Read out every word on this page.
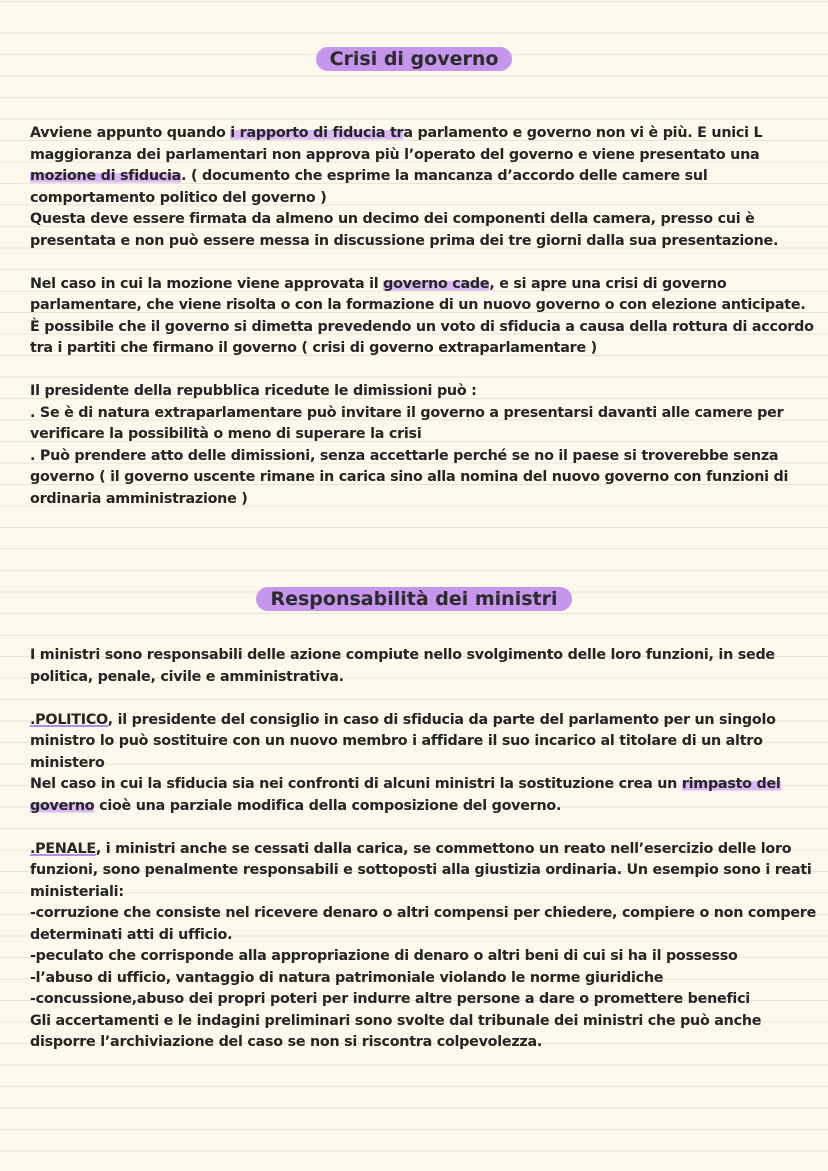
Crisi di governo

Avviene appunto quando i rapporto di fiducia tra parlamento e governo non vi è più. E unici L maggioranza dei parlamentari non approva più l’operato del governo e viene presentato una mozione di sfiducia. ( documento che esprime la mancanza d’accordo delle camere sul comportamento politico del governo )

Questa deve essere firmata da almeno un decimo dei componenti della camera, presso cui è presentata e non può essere messa in discussione prima dei tre giorni dalla sua presentazione.

Nel caso in cui la mozione viene approvata il governo cade, e si apre una crisi di governo parlamentare, che viene risolta o con la formazione di un nuovo governo o con elezione anticipate.

È possibile che il governo si dimetta prevedendo un voto di sfiducia a causa della rottura di accordo tra i partiti che firmano il governo ( crisi di governo extraparlamentare )

Il presidente della repubblica ricedute le dimissioni può :

. Se è di natura extraparlamentare può invitare il governo a presentarsi davanti alle camere per verificare la possibilità o meno di superare la crisi

. Può prendere atto delle dimissioni, senza accettarle perché se no il paese si troverebbe senza governo ( il governo uscente rimane in carica sino alla nomina del nuovo governo con funzioni di ordinaria amministrazione )

Responsabilità dei ministri

I ministri sono responsabili delle azione compiute nello svolgimento delle loro funzioni, in sede politica, penale, civile e amministrativa.

.POLITICO, il presidente del consiglio in caso di sfiducia da parte del parlamento per un singolo ministro lo può sostituire con un nuovo membro i affidare il suo incarico al titolare di un altro ministero

Nel caso in cui la sfiducia sia nei confronti di alcuni ministri la sostituzione crea un rimpasto del governo cioè una parziale modifica della composizione del governo.

.PENALE, i ministri anche se cessati dalla carica, se commettono un reato nell’esercizio delle loro funzioni, sono penalmente responsabili e sottoposti alla giustizia ordinaria. Un esempio sono i reati ministeriali:

-corruzione che consiste nel ricevere denaro o altri compensi per chiedere, compiere o non compere determinati atti di ufficio.

-peculato che corrisponde alla appropriazione di denaro o altri beni di cui si ha il possesso

-l’abuso di ufficio, vantaggio di natura patrimoniale violando le norme giuridiche

-concussione,abuso dei propri poteri per indurre altre persone a dare o promettere benefici

Gli accertamenti e le indagini preliminari sono svolte dal tribunale dei ministri che può anche disporre l’archiviazione del caso se non si riscontra colpevolezza.
